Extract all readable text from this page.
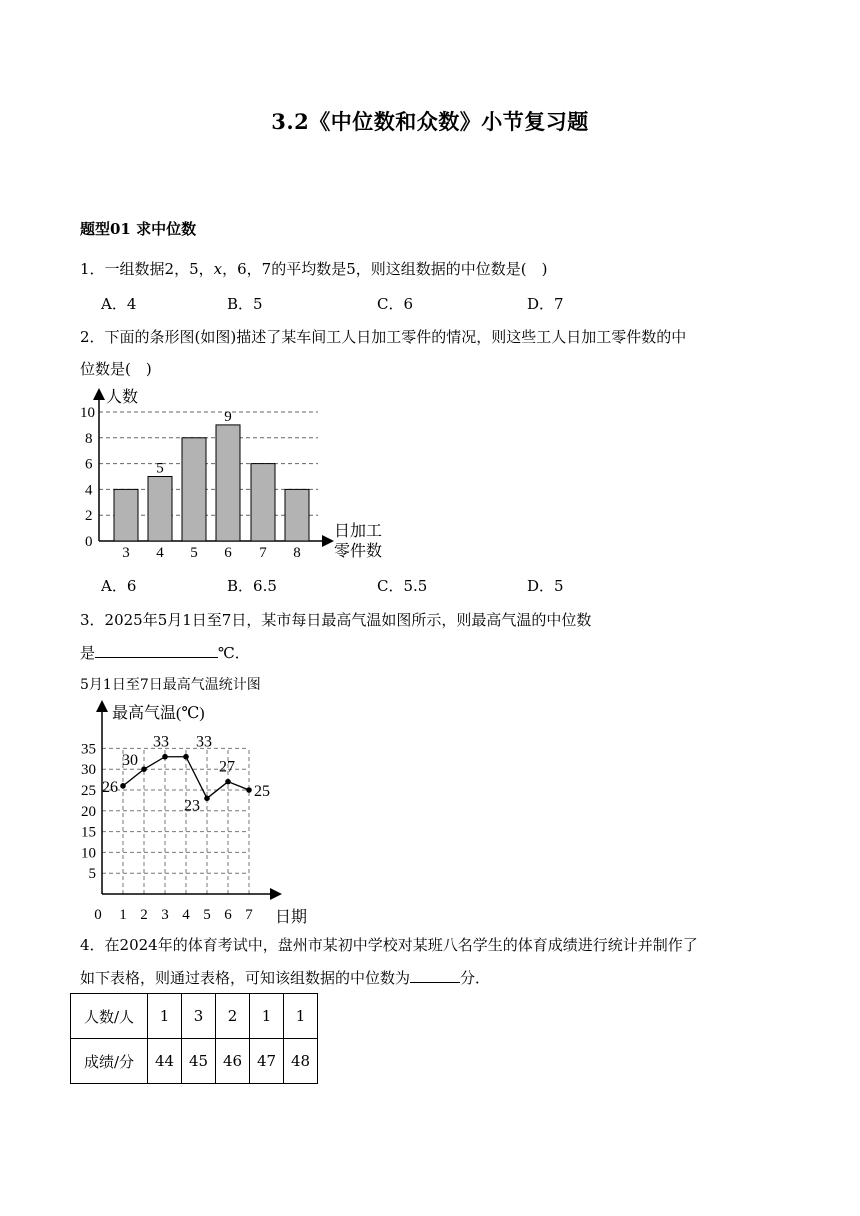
3.2《中位数和众数》小节复习题
题型01 求中位数
1．一组数据2，5，x，6，7的平均数是5，则这组数据的中位数是(　)
A．4	B．5	C．6	D．7
2．下面的条形图(如图)描述了某车间工人日加工零件的情况，则这些工人日加工零件数的中
位数是(　)
0
2
4
6
8
10
3 4
5
5 6
9
7 8
人数
日加工
零件数
A．6	B．6.5	C．5.5	D．5
3．2025年5月1日至7日，某市每日最高气温如图所示，则最高气温的中位数
是	℃．
5月1日至7日最高气温统计图
5
10
15
20
25
30
35
0 1 2 3 4 5 6 7
26
30
33 33
23
27
25
最高气温(℃)
日期
4．在2024年的体育考试中，盘州市某初中学校对某班八名学生的体育成绩进行统计并制作了
如下表格，则通过表格，可知该组数据的中位数为	分．
人数/人	1	3	2	1	1
成绩/分	44	45	46	47	48
